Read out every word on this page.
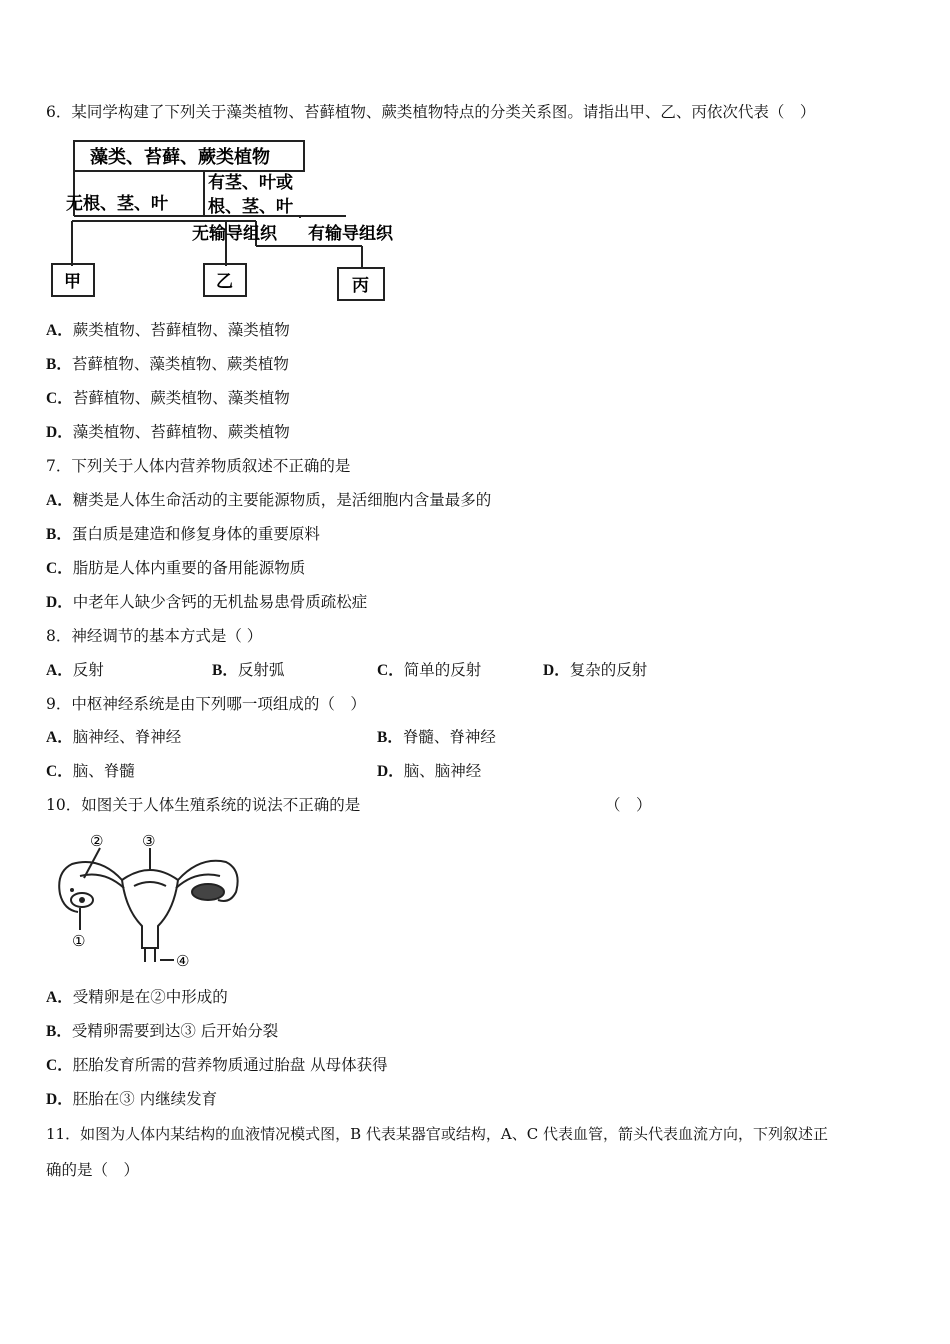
6．某同学构建了下列关于藻类植物、苔藓植物、蕨类植物特点的分类关系图。请指出甲、乙、丙依次代表（　）
藻类、苔藓、蕨类植物
无根、茎、叶
有茎、叶或
根、茎、叶
无输导组织 有输导组织
甲	乙	丙
A．蕨类植物、苔藓植物、藻类植物
B．苔藓植物、藻类植物、蕨类植物
C．苔藓植物、蕨类植物、藻类植物
D．藻类植物、苔藓植物、蕨类植物
7．下列关于人体内营养物质叙述不正确的是
A．糖类是人体生命活动的主要能源物质，是活细胞内含量最多的
B．蛋白质是建造和修复身体的重要原料
C．脂肪是人体内重要的备用能源物质
D．中老年人缺少含钙的无机盐易患骨质疏松症
8．神经调节的基本方式是（ ）
A．反射	B．反射弧	C．简单的反射	D．复杂的反射
9．中枢神经系统是由下列哪一项组成的（　）
A．脑神经、脊神经	B．脊髓、脊神经
C．脑、脊髓	D．脑、脑神经
10．如图关于人体生殖系统的说法不正确的是	（　）
②	③
①
④
A．受精卵是在②中形成的
B．受精卵需要到达③ 后开始分裂
C．胚胎发育所需的营养物质通过胎盘 从母体获得
D．胚胎在③ 内继续发育
11．如图为人体内某结构的血液情况模式图，B 代表某器官或结构，A、C 代表血管，箭头代表血流方向，下列叙述正
确的是（　）
